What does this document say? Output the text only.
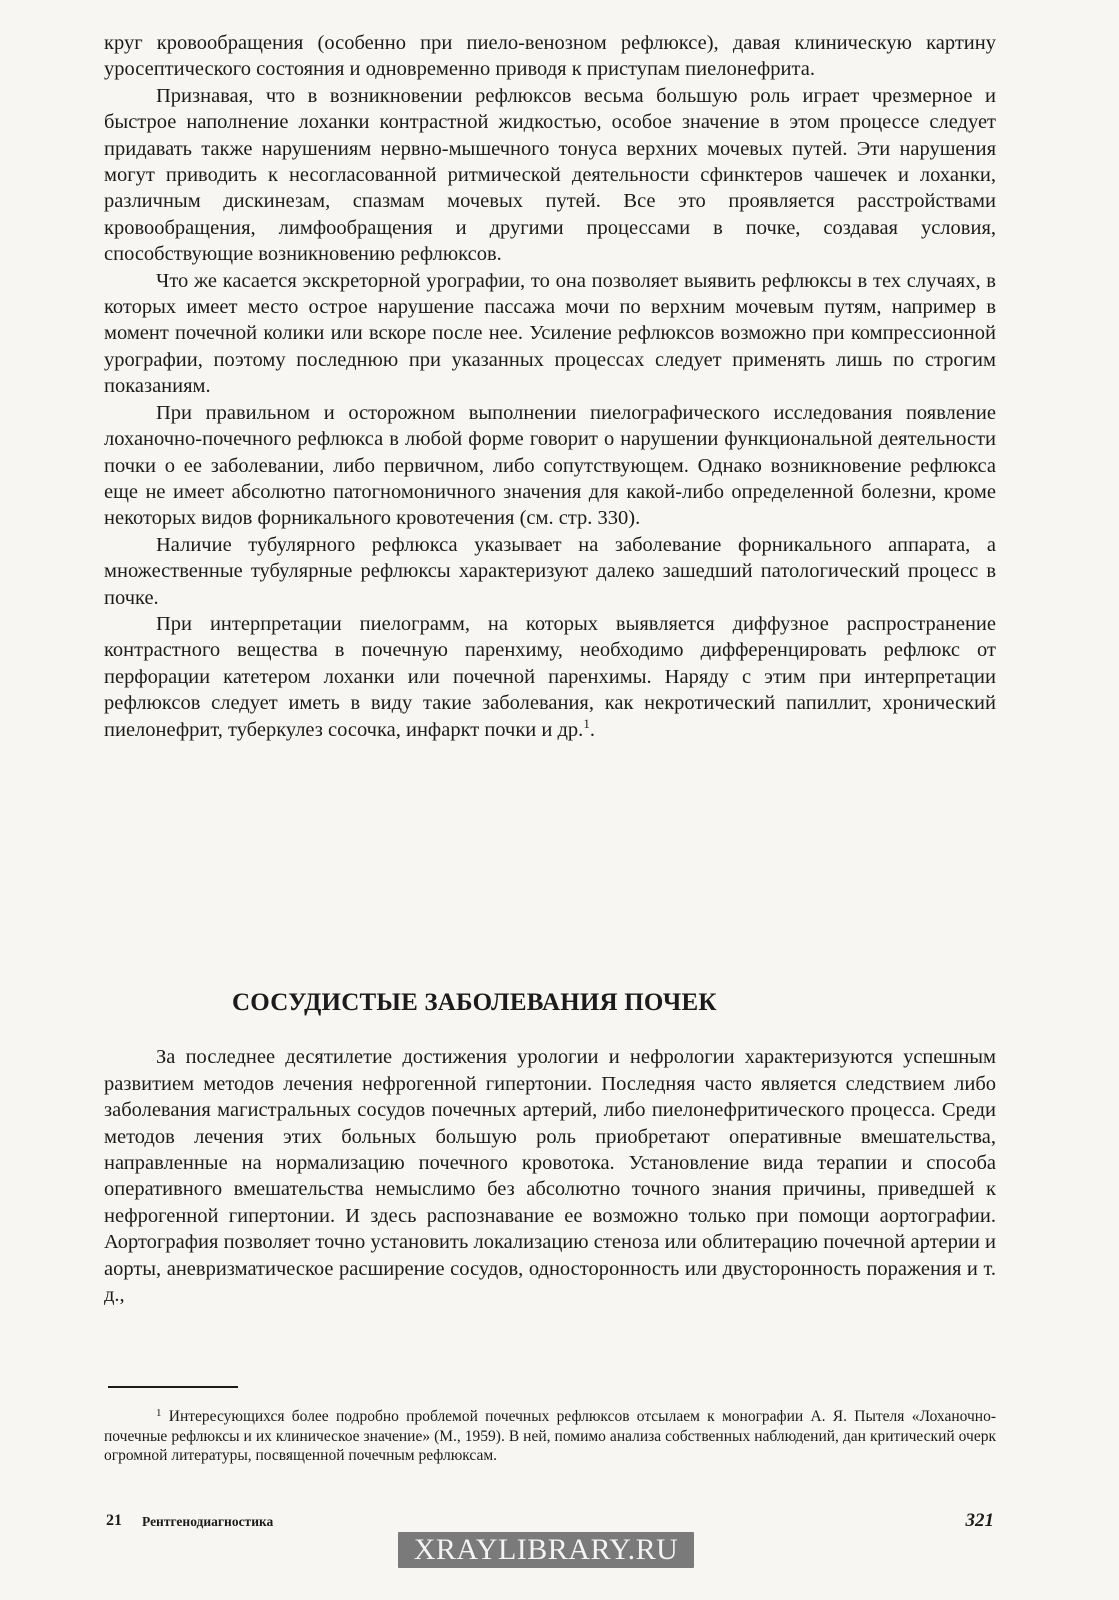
круг кровообращения (особенно при пиело-венозном рефлюксе), давая клиническую картину уросептического состояния и одновременно приводя к приступам пиелонефрита.

Признавая, что в возникновении рефлюксов весьма большую роль играет чрезмерное и быстрое наполнение лоханки контрастной жидкостью, особое значение в этом процессе следует придавать также нарушениям нервно-мышечного тонуса верхних мочевых путей. Эти нарушения могут приводить к несогласованной ритмической деятельности сфинктеров чашечек и лоханки, различным дискинезам, спазмам мочевых путей. Все это проявляется расстройствами кровообращения, лимфообращения и другими процессами в почке, создавая условия, способствующие возникновению рефлюксов.

Что же касается экскреторной урографии, то она позволяет выявить рефлюксы в тех случаях, в которых имеет место острое нарушение пассажа мочи по верхним мочевым путям, например в момент почечной колики или вскоре после нее. Усиление рефлюксов возможно при компрессионной урографии, поэтому последнюю при указанных процессах следует применять лишь по строгим показаниям.

При правильном и осторожном выполнении пиелографического исследования появление лоханочно-почечного рефлюкса в любой форме говорит о нарушении функциональной деятельности почки о ее заболевании, либо первичном, либо сопутствующем. Однако возникновение рефлюкса еще не имеет абсолютно патогномоничного значения для какой-либо определенной болезни, кроме некоторых видов форникального кровотечения (см. стр. 330).

Наличие тубулярного рефлюкса указывает на заболевание форникального аппарата, а множественные тубулярные рефлюксы характеризуют далеко зашедший патологический процесс в почке.

При интерпретации пиелограмм, на которых выявляется диффузное распространение контрастного вещества в почечную паренхиму, необходимо дифференцировать рефлюкс от перфорации катетером лоханки или почечной паренхимы. Наряду с этим при интерпретации рефлюксов следует иметь в виду такие заболевания, как некротический папиллит, хронический пиелонефрит, туберкулез сосочка, инфаркт почки и др.$^1$.

СОСУДИСТЫЕ ЗАБОЛЕВАНИЯ ПОЧЕК

За последнее десятилетие достижения урологии и нефрологии характеризуются успешным развитием методов лечения нефрогенной гипертонии. Последняя часто является следствием либо заболевания магистральных сосудов почечных артерий, либо пиелонефритического процесса. Среди методов лечения этих больных большую роль приобретают оперативные вмешательства, направленные на нормализацию почечного кровотока. Установление вида терапии и способа оперативного вмешательства немыслимо без абсолютно точного знания причины, приведшей к нефрогенной гипертонии. И здесь распознавание ее возможно только при помощи аортографии. Аортография позволяет точно установить локализацию стеноза или облитерацию почечной артерии и аорты, аневризматическое расширение сосудов, односторонность или двусторонность поражения и т. д.,

$^1$ Интересующихся более подробно проблемой почечных рефлюксов отсылаем к монографии А. Я. Пытеля «Лоханочно-почечные рефлюксы и их клиническое значение» (М., 1959). В ней, помимо анализа собственных наблюдений, дан критический очерк огромной литературы, посвященной почечным рефлюксам.

21 Рентгенодиагностика	321
XRAYLIBRARY.RU
